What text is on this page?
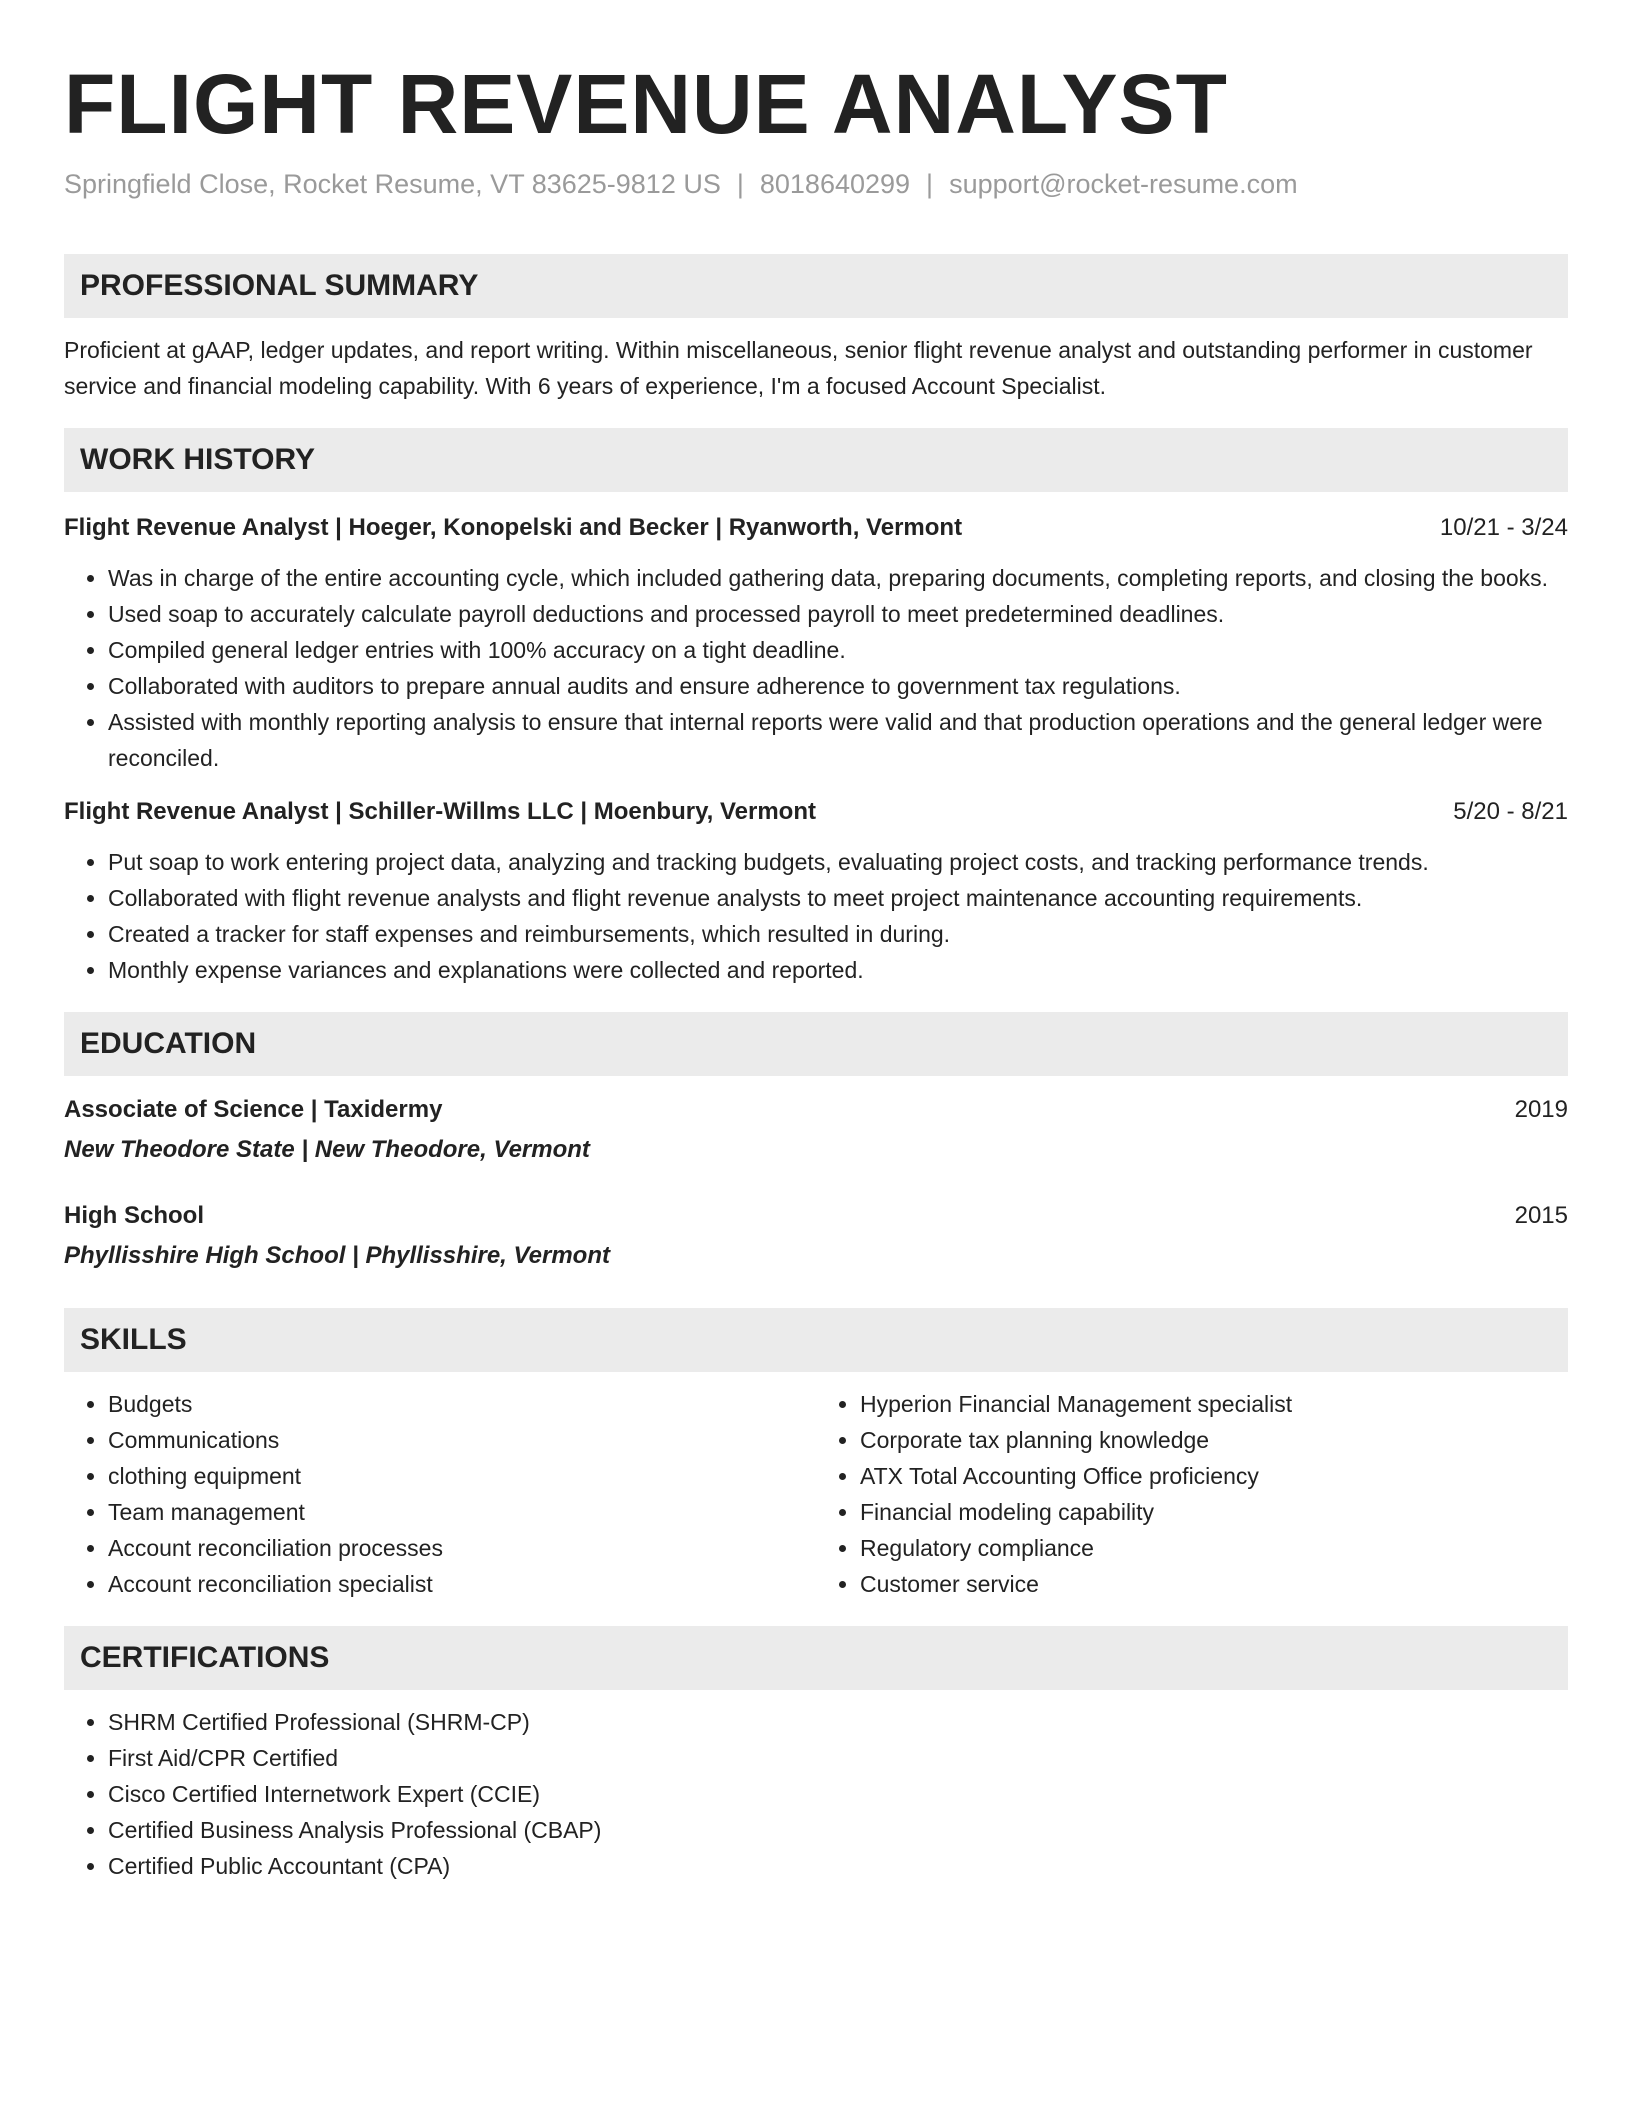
FLIGHT REVENUE ANALYST
Springfield Close, Rocket Resume, VT 83625-9812 US | 8018640299 | support@rocket-resume.com
PROFESSIONAL SUMMARY

Proficient at gAAP, ledger updates, and report writing. Within miscellaneous, senior flight revenue analyst and outstanding performer in customer service and financial modeling capability. With 6 years of experience, I'm a focused Account Specialist.

WORK HISTORY
Flight Revenue Analyst | Hoeger, Konopelski and Becker | Ryanworth, Vermont	10/21 - 3/24
• Was in charge of the entire accounting cycle, which included gathering data, preparing documents, completing reports, and closing the books.
• Used soap to accurately calculate payroll deductions and processed payroll to meet predetermined deadlines.
• Compiled general ledger entries with 100% accuracy on a tight deadline.
• Collaborated with auditors to prepare annual audits and ensure adherence to government tax regulations.
• Assisted with monthly reporting analysis to ensure that internal reports were valid and that production operations and the general ledger were reconciled.
Flight Revenue Analyst | Schiller-Willms LLC | Moenbury, Vermont	5/20 - 8/21
• Put soap to work entering project data, analyzing and tracking budgets, evaluating project costs, and tracking performance trends.
• Collaborated with flight revenue analysts and flight revenue analysts to meet project maintenance accounting requirements.
• Created a tracker for staff expenses and reimbursements, which resulted in during.
• Monthly expense variances and explanations were collected and reported.
EDUCATION
Associate of Science | Taxidermy	2019
New Theodore State | New Theodore, Vermont
High School	2015
Phyllisshire High School | Phyllisshire, Vermont
SKILLS
• Budgets
• Communications
• clothing equipment
• Team management
• Account reconciliation processes
• Account reconciliation specialist
• Hyperion Financial Management specialist
• Corporate tax planning knowledge
• ATX Total Accounting Office proficiency
• Financial modeling capability
• Regulatory compliance
• Customer service
CERTIFICATIONS
• SHRM Certified Professional (SHRM-CP)
• First Aid/CPR Certified
• Cisco Certified Internetwork Expert (CCIE)
• Certified Business Analysis Professional (CBAP)
• Certified Public Accountant (CPA)
